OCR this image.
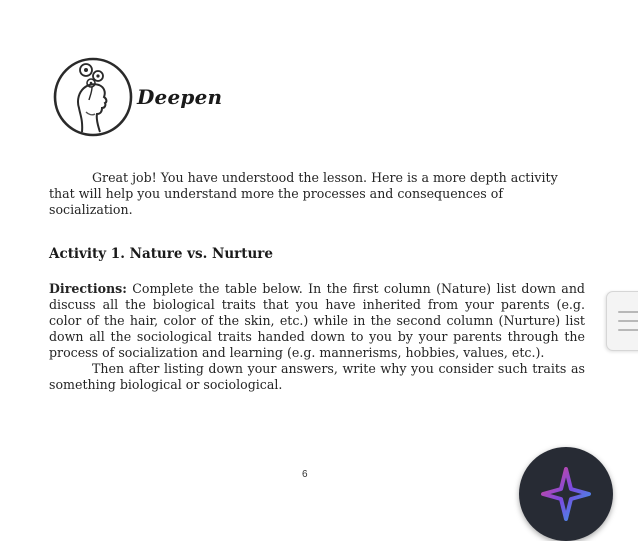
Deepen

Great job! You have understood the lesson. Here is a more depth activity that will help you understand more the processes and consequences of socialization.

Activity 1. Nature vs. Nurture

Directions: Complete the table below. In the first column (Nature) list down and discuss all the biological traits that you have inherited from your parents (e.g. color of the hair, color of the skin, etc.) while in the second column (Nurture) list down all the sociological traits handed down to you by your parents through the process of socialization and learning (e.g. mannerisms, hobbies, values, etc.).

Then after listing down your answers, write why you consider such traits as something biological or sociological.

6
